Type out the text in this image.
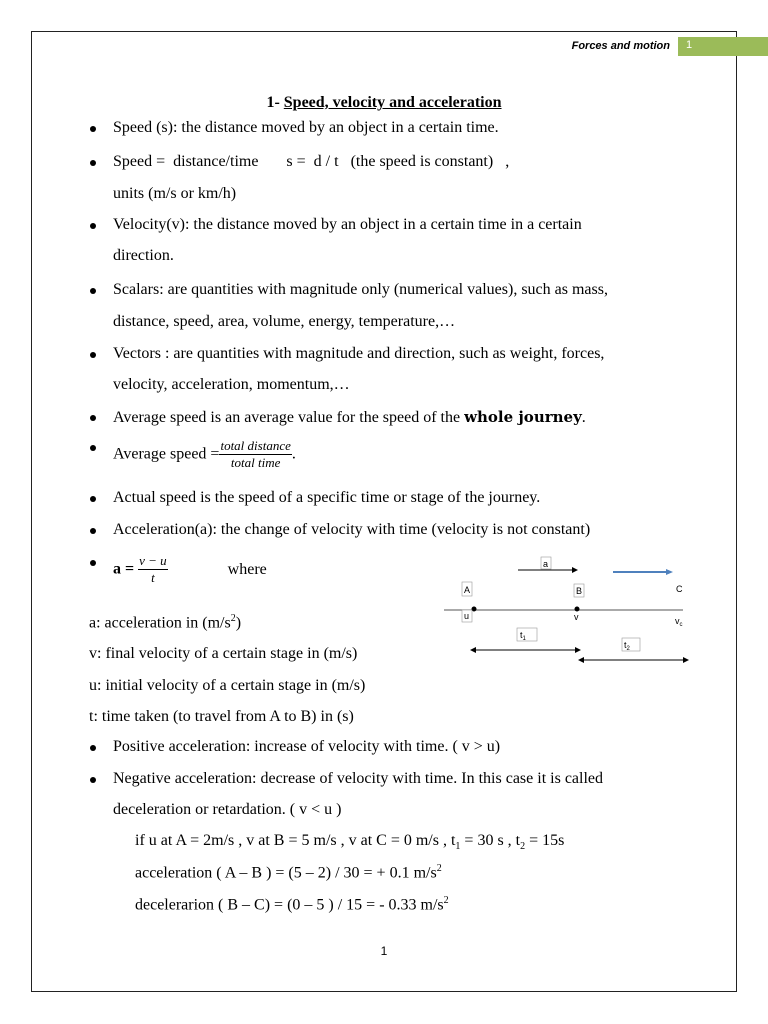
Forces and motion 1
1- Speed, velocity and acceleration
Speed (s): the distance moved by an object in a certain time.
Speed =  distance/time       s =  d / t   (the speed is constant)   ,
units (m/s or km/h)
Velocity(v): the distance moved by an object in a certain time in a certain
direction.
Scalars: are quantities with magnitude only (numerical values), such as mass,
distance, speed, area, volume, energy, temperature,…
Vectors : are quantities with magnitude and direction, such as weight, forces,
velocity, acceleration, momentum,…
Average speed is an average value for the speed of the whole journey.
Average speed = $\frac{\text{total distance}}{\text{total time}}$ .
Actual speed is the speed of a specific time or stage of the journey.
Acceleration(a): the change of velocity with time (velocity is not constant)
$a = \frac{v - u}{t}$	where
a: acceleration in $(m/s^2)$
v: final velocity of a certain stage in (m/s)
u: initial velocity of a certain stage in (m/s)
t: time taken (to travel from A to B) in (s)
Positive acceleration: increase of velocity with time. ( v > u)
Negative acceleration: decrease of velocity with time. In this case it is called
deceleration or retardation. ( v < u )
if u at A = 2m/s , v at B = 5 m/s , v at C = 0 m/s , $t_1 = 30$ s , $t_2 = 15s$
acceleration ( A – B ) = (5 – 2) / 30 = + 0.1 $m/s^2$
decelerarion ( B – C) = (0 – 5 ) / 15 = - 0.33 $m/s^2$
a
A	B	C
u	v	$v_c$
$t_1$
$t_2$
1
